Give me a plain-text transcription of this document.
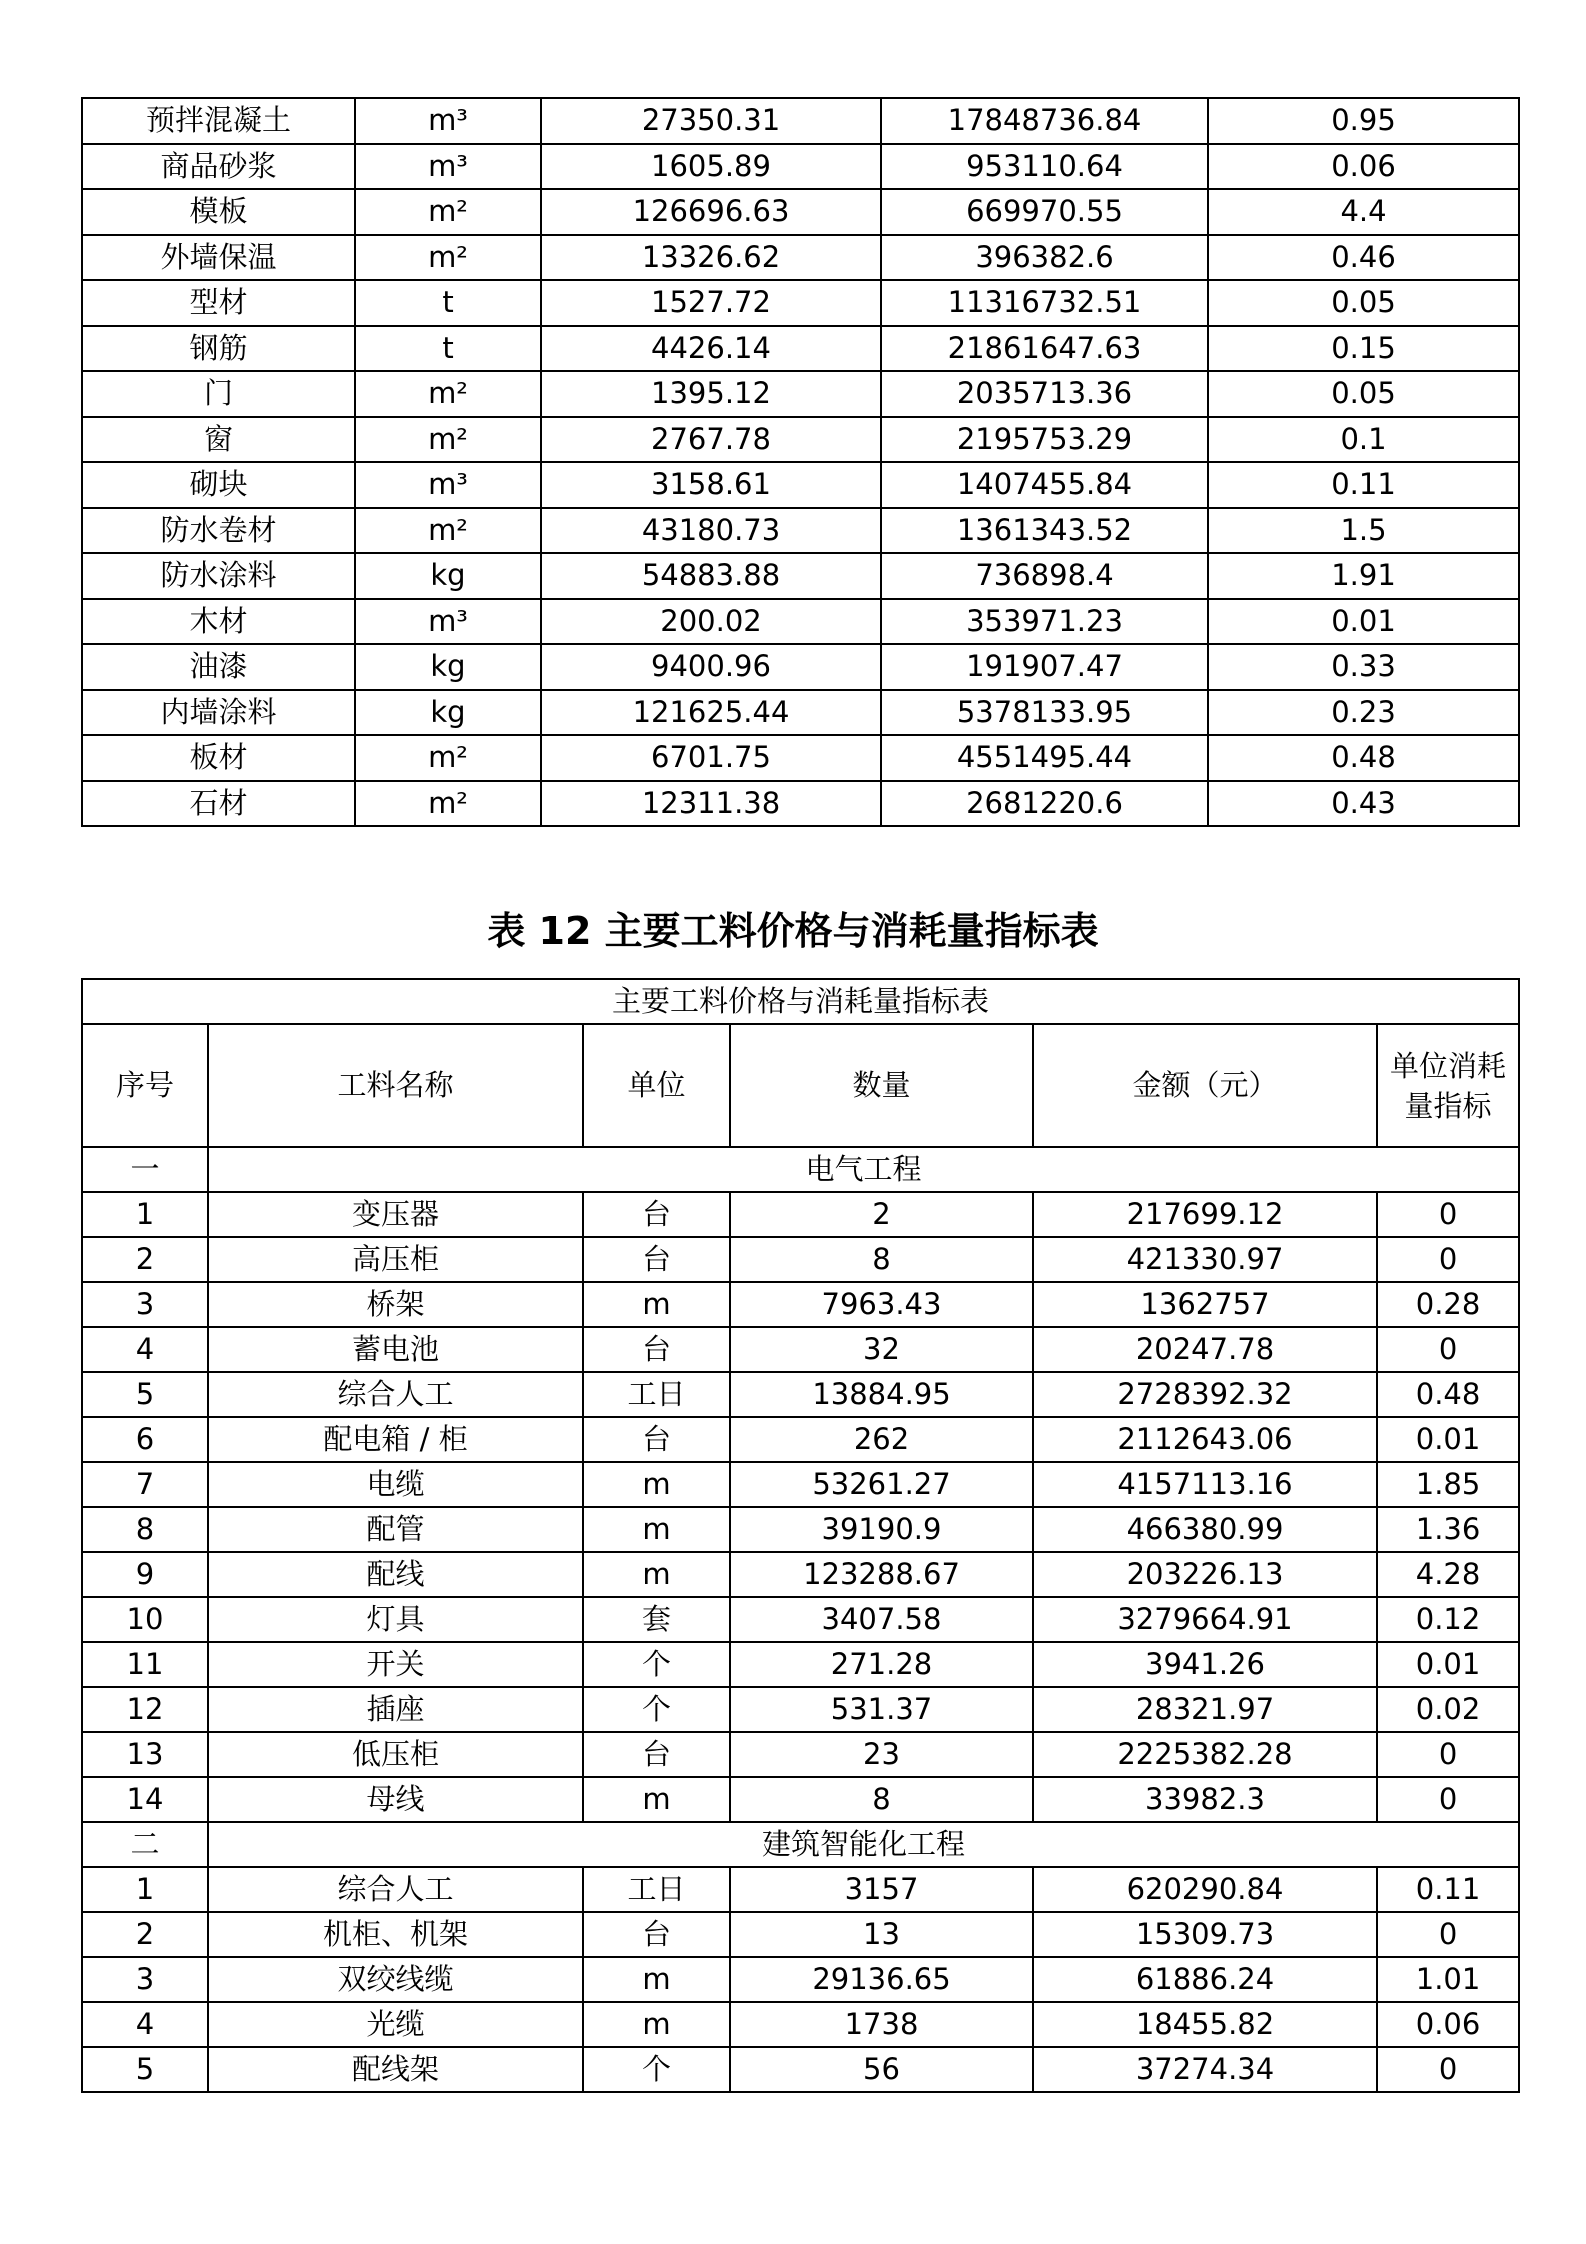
预拌混凝土	m³	27350.31	17848736.84	0.95
商品砂浆	m³	1605.89	953110.64	0.06
模板	m²	126696.63	669970.55	4.4
外墙保温	m²	13326.62	396382.6	0.46
型材	t	1527.72	11316732.51	0.05
钢筋	t	4426.14	21861647.63	0.15
门	m²	1395.12	2035713.36	0.05
窗	m²	2767.78	2195753.29	0.1
砌块	m³	3158.61	1407455.84	0.11
防水卷材	m²	43180.73	1361343.52	1.5
防水涂料	kg	54883.88	736898.4	1.91
木材	m³	200.02	353971.23	0.01
油漆	kg	9400.96	191907.47	0.33
内墙涂料	kg	121625.44	5378133.95	0.23
板材	m²	6701.75	4551495.44	0.48
石材	m²	12311.38	2681220.6	0.43
表 12 主要工料价格与消耗量指标表
主要工料价格与消耗量指标表					
序号	工料名称	单位	数量	金额（元）	单位消耗量指标
一	电气工程				
1	变压器	台	2	217699.12	0
2	高压柜	台	8	421330.97	0
3	桥架	m	7963.43	1362757	0.28
4	蓄电池	台	32	20247.78	0
5	综合人工	工日	13884.95	2728392.32	0.48
6	配电箱 / 柜	台	262	2112643.06	0.01
7	电缆	m	53261.27	4157113.16	1.85
8	配管	m	39190.9	466380.99	1.36
9	配线	m	123288.67	203226.13	4.28
10	灯具	套	3407.58	3279664.91	0.12
11	开关	个	271.28	3941.26	0.01
12	插座	个	531.37	28321.97	0.02
13	低压柜	台	23	2225382.28	0
14	母线	m	8	33982.3	0
二	建筑智能化工程				
1	综合人工	工日	3157	620290.84	0.11
2	机柜、机架	台	13	15309.73	0
3	双绞线缆	m	29136.65	61886.24	1.01
4	光缆	m	1738	18455.82	0.06
5	配线架	个	56	37274.34	0
